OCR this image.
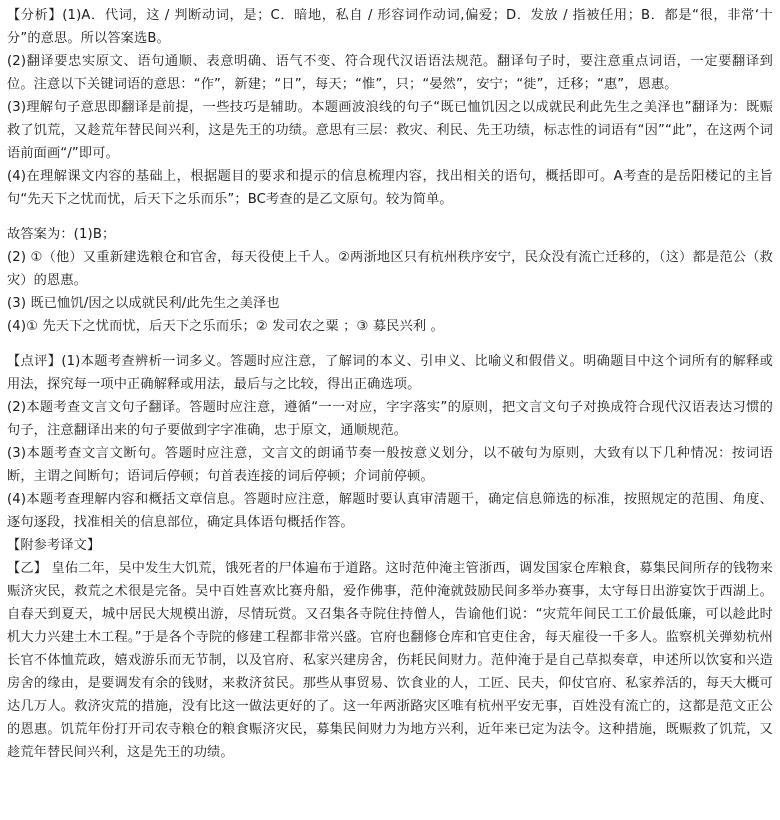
【分析】(1)A．代词，这 / 判断动词，是；C．暗地，私自 / 形容词作动词,偏爱；D．发放 / 指被任用；B．都是“很，非常‘十分”的意思。所以答案选B。

(2)翻译要忠实原文、语句通顺、表意明确、语气不变、符合现代汉语语法规范。翻译句子时，要注意重点词语，一定要翻译到位。注意以下关键词语的意思：“作”，新建；“日”，每天；“惟”，只；“晏然”，安宁；“徙”，迁移；“惠”，恩惠。

(3)理解句子意思即翻译是前提，一些技巧是辅助。本题画波浪线的句子“既已恤饥因之以成就民利此先生之美泽也”翻译为：既赈救了饥荒，又趁荒年替民间兴利，这是先王的功绩。意思有三层：救灾、利民、先王功绩，标志性的词语有“因”“此”，在这两个词语前面画“/”即可。

(4)在理解课文内容的基础上，根据题目的要求和提示的信息梳理内容，找出相关的语句，概括即可。A考查的是岳阳楼记的主旨句“先天下之忧而忧，后天下之乐而乐”；BC考查的是乙文原句。较为简单。

故答案为：(1)B；

(2) ①（他）又重新建选粮仓和官舍，每天役使上千人。②两浙地区只有杭州秩序安宁，民众没有流亡迁移的，（这）都是范公（救灾）的恩惠。

(3) 既已恤饥/因之以成就民利/此先生之美泽也

(4)① 先天下之忧而忧，后天下之乐而乐；② 发司农之粟 ；③ 募民兴利 。

【点评】(1)本题考查辨析一词多义。答题时应注意，了解词的本义、引申义、比喻义和假借义。明确题目中这个词所有的解释或用法，探究每一项中正确解释或用法，最后与之比较，得出正确选项。

(2)本题考查文言文句子翻译。答题时应注意，遵循“一一对应，字字落实”的原则，把文言文句子对换成符合现代汉语表达习惯的句子，注意翻译出来的句子要做到字字准确，忠于原文，通顺规范。

(3)本题考查文言文断句。答题时应注意，文言文的朗诵节奏一般按意义划分，以不破句为原则，大致有以下几种情况：按词语断，主谓之间断句；语词后停顿；句首表连接的词后停顿；介词前停顿。

(4)本题考查理解内容和概括文章信息。答题时应注意，解题时要认真审清题干，确定信息筛选的标准，按照规定的范围、角度、逐句逐段，找准相关的信息部位，确定具体语句概括作答。

【附参考译文】

【乙】 皇佑二年，吴中发生大饥荒，饿死者的尸体遍布于道路。这时范仲淹主管浙西，调发国家仓库粮食，募集民间所存的钱物来赈济灾民，救荒之术很是完备。吴中百姓喜欢比赛舟船，爱作佛事，范仲淹就鼓励民间多举办赛事，太守每日出游宴饮于西湖上。自春天到夏天，城中居民大规模出游，尽情玩赏。又召集各寺院住持僧人，告谕他们说：“灾荒年间民工工价最低廉，可以趁此时机大力兴建土木工程。”于是各个寺院的修建工程都非常兴盛。官府也翻修仓库和官吏住舍，每天雇役一千多人。监察机关弹劾杭州长官不体恤荒政，嬉戏游乐而无节制，以及官府、私家兴建房舍，伤耗民间财力。范仲淹于是自己草拟奏章，申述所以饮宴和兴造房舍的缘由，是要调发有余的钱财，来救济贫民。那些从事贸易、饮食业的人，工匠、民夫，仰仗官府、私家养活的，每天大概可达几万人。救济灾荒的措施，没有比这一做法更好的了。这一年两浙路灾区唯有杭州平安无事，百姓没有流亡的，这都是范文正公的恩惠。饥荒年份打开司农寺粮仓的粮食赈济灾民，募集民间财力为地方兴利，近年来已定为法令。这种措施，既赈救了饥荒，又趁荒年替民间兴利，这是先王的功绩。
